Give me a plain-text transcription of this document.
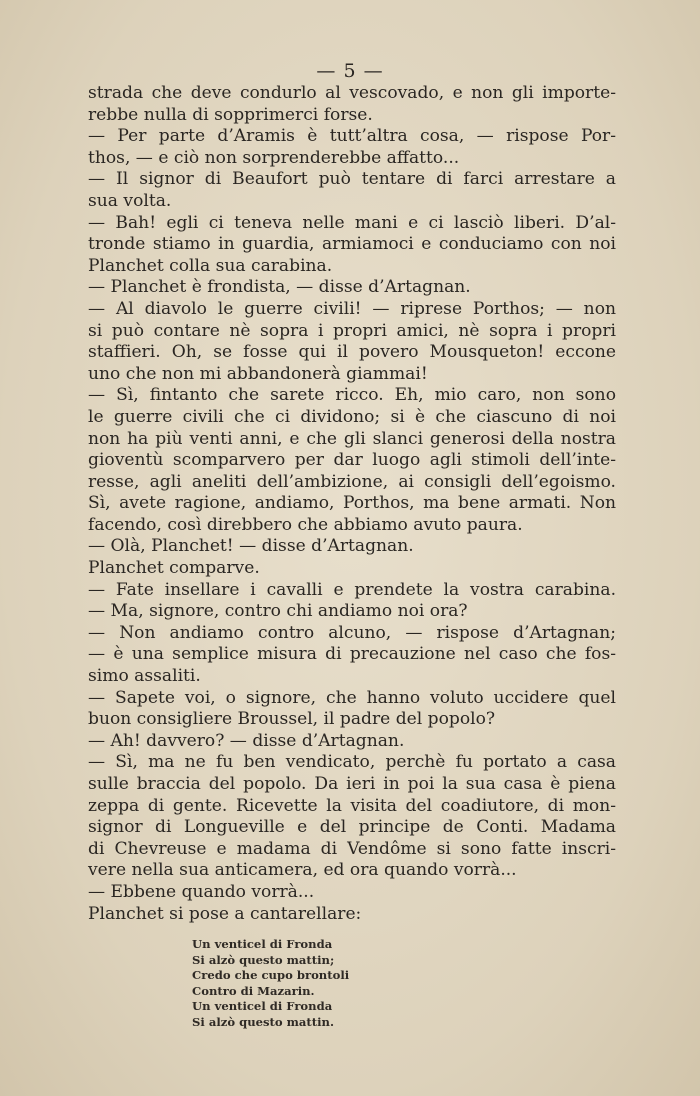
— 5 —
strada che deve condurlo al vescovado, e non gli importe-
rebbe nulla di sopprimerci forse.
— Per parte d’Aramis è tutt’altra cosa, — rispose Por-
thos, — e ciò non sorprenderebbe affatto...
— Il signor di Beaufort può tentare di farci arrestare a
sua volta.
— Bah! egli ci teneva nelle mani e ci lasciò liberi. D’al-
tronde stiamo in guardia, armiamoci e conduciamo con noi
Planchet colla sua carabina.
— Planchet è frondista, — disse d’Artagnan.
— Al diavolo le guerre civili! — riprese Porthos; — non
si può contare nè sopra i propri amici, nè sopra i propri
staffieri. Oh, se fosse qui il povero Mousqueton! eccone
uno che non mi abbandonerà giammai!
— Sì, fintanto che sarete ricco. Eh, mio caro, non sono
le guerre civili che ci dividono; si è che ciascuno di noi
non ha più venti anni, e che gli slanci generosi della nostra
gioventù scomparvero per dar luogo agli stimoli dell’inte-
resse, agli aneliti dell’ambizione, ai consigli dell’egoismo.
Sì, avete ragione, andiamo, Porthos, ma bene armati. Non
facendo, così direbbero che abbiamo avuto paura.
— Olà, Planchet! — disse d’Artagnan.
Planchet comparve.
— Fate insellare i cavalli e prendete la vostra carabina.
— Ma, signore, contro chi andiamo noi ora?
— Non andiamo contro alcuno, — rispose d’Artagnan;
— è una semplice misura di precauzione nel caso che fos-
simo assaliti.
— Sapete voi, o signore, che hanno voluto uccidere quel
buon consigliere Broussel, il padre del popolo?
— Ah! davvero? — disse d’Artagnan.
— Sì, ma ne fu ben vendicato, perchè fu portato a casa
sulle braccia del popolo. Da ieri in poi la sua casa è piena
zeppa di gente. Ricevette la visita del coadiutore, di mon-
signor di Longueville e del principe de Conti. Madama
di Chevreuse e madama di Vendôme si sono fatte inscri-
vere nella sua anticamera, ed ora quando vorrà...
— Ebbene quando vorrà...
Planchet si pose a cantarellare:
Un venticel di Fronda
Si alzò questo mattin;
Credo che cupo brontoli
Contro di Mazarin.
Un venticel di Fronda
Si alzò questo mattin.
